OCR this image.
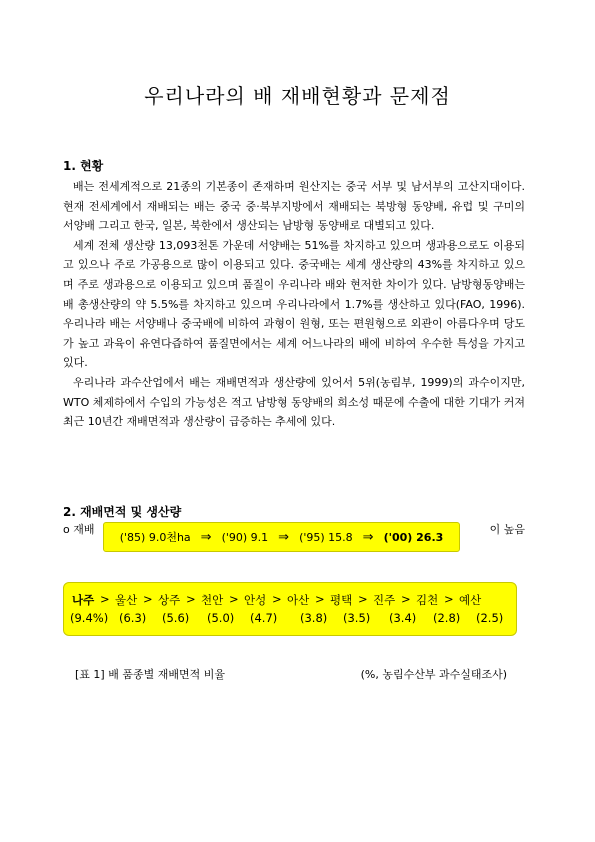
우리나라의 배 재배현황과 문제점
1. 현황

배는 전세계적으로 21종의 기본종이 존재하며 원산지는 중국 서부 및 남서부의 고산지대이다. 현재 전세계에서 재배되는 배는 중국 중·북부지방에서 재배되는 북방형 동양배, 유럽 및 구미의 서양배 그리고 한국, 일본, 북한에서 생산되는 남방형 동양배로 대별되고 있다.

세계 전체 생산량 13,093천톤 가운데 서양배는 51%를 차지하고 있으며 생과용으로도 이용되고 있으나 주로 가공용으로 많이 이용되고 있다. 중국배는 세계 생산량의 43%를 차지하고 있으며 주로 생과용으로 이용되고 있으며 품질이 우리나라 배와 현저한 차이가 있다. 남방형동양배는 배 총생산량의 약 5.5%를 차지하고 있으며 우리나라에서 1.7%를 생산하고 있다(FAO, 1996). 우리나라 배는 서양배나 중국배에 비하여 과형이 원형, 또는 편원형으로 외관이 아름다우며 당도가 높고 과육이 유연다즙하여 품질면에서는 세계 어느나라의 배에 비하여 우수한 특성을 가지고 있다.

우리나라 과수산업에서 배는 재배면적과 생산량에 있어서 5위(농림부, 1999)의 과수이지만, WTO 체제하에서 수입의 가능성은 적고 남방형 동양배의 희소성 때문에 수출에 대한 기대가 커져 최근 10년간 재배면적과 생산량이 급증하는 추세에 있다.

2. 재배면적 및 생산량
o 재배	이 높음
('85) 9.0천ha ⇒ ('90) 9.1 ⇒ ('95) 15.8 ⇒ ('00) 26.3
나주 > 울산 > 상주 > 천안 > 안성 > 아산 > 평택 > 진주 > 김천 > 예산
(9.4%) (6.3) (5.6) (5.0) (4.7) (3.8) (3.5) (3.4) (2.8) (2.5)
[표 1] 배 품종별 재배면적 비율	(%, 농림수산부 과수실태조사)
